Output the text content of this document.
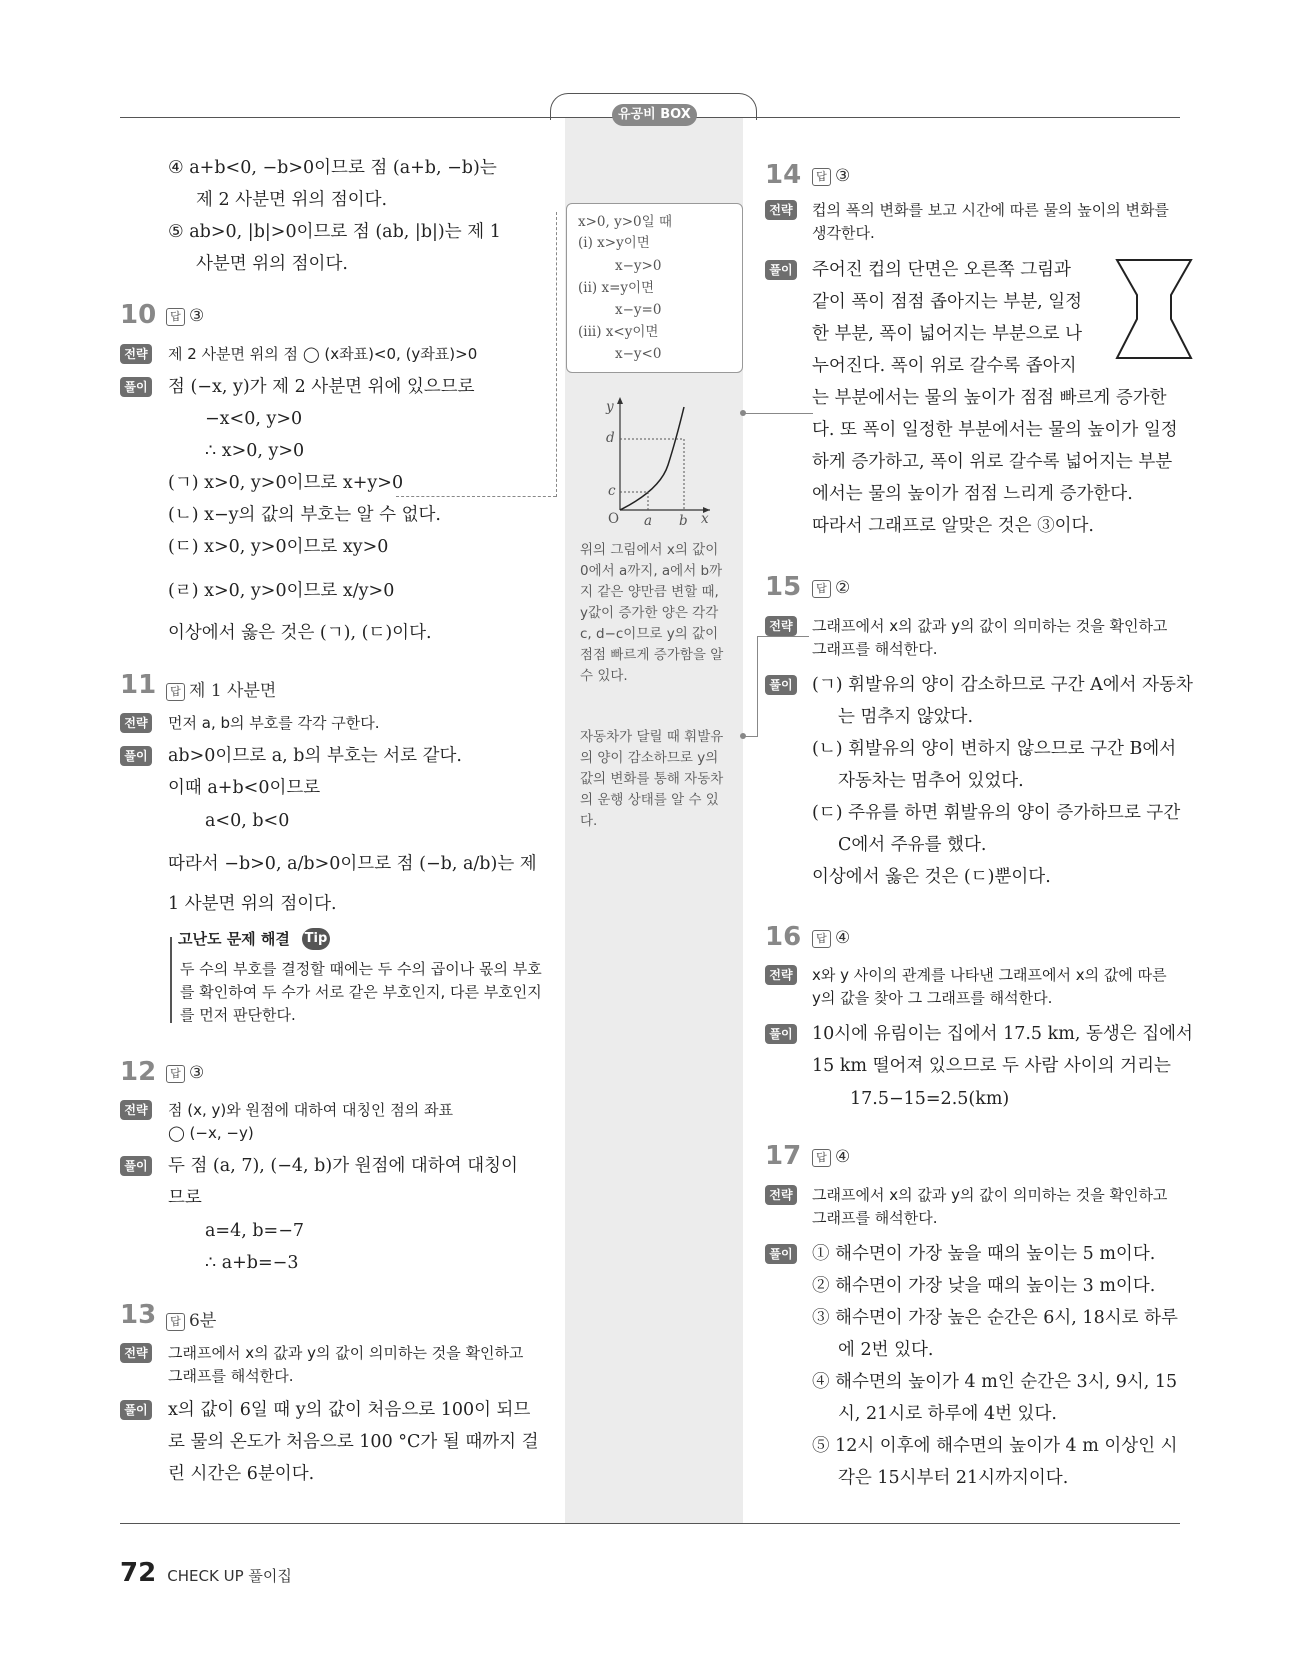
유공비 BOX
④ a+b<0, −b>0이므로 점 (a+b, −b)는
제 2 사분면 위의 점이다.
⑤ ab>0, |b|>0이므로 점 (ab, |b|)는 제 1
사분면 위의 점이다.
10	답 ③
전략 제 2 사분면 위의 점 ◯ (x좌표)<0, (y좌표)>0
풀이 점 (−x, y)가 제 2 사분면 위에 있으므로
−x<0, y>0
∴ x>0, y>0
(ㄱ) x>0, y>0이므로 x+y>0
(ㄴ) x−y의 값의 부호는 알 수 없다.
(ㄷ) x>0, y>0이므로 xy>0
(ㄹ) x>0, y>0이므로 x/y>0
이상에서 옳은 것은 (ㄱ), (ㄷ)이다.
11	답 제 1 사분면
전략 먼저 a, b의 부호를 각각 구한다.
풀이 ab>0이므로 a, b의 부호는 서로 같다.
이때 a+b<0이므로
a<0, b<0
따라서 −b>0, a/b>0이므로 점 (−b, a/b)는 제
1 사분면 위의 점이다.
고난도 문제 해결 Tip
두 수의 부호를 결정할 때에는 두 수의 곱이나 몫의 부호
를 확인하여 두 수가 서로 같은 부호인지, 다른 부호인지
를 먼저 판단한다.
12	답 ③
전략 점 (x, y)와 원점에 대하여 대칭인 점의 좌표
◯ (−x, −y)
풀이 두 점 (a, 7), (−4, b)가 원점에 대하여 대칭이
므로
a=4, b=−7
∴ a+b=−3
13	답 6분
전략 그래프에서 x의 값과 y의 값이 의미하는 것을 확인하고
그래프를 해석한다.
풀이 x의 값이 6일 때 y의 값이 처음으로 100이 되므
로 물의 온도가 처음으로 100 °C가 될 때까지 걸
린 시간은 6분이다.
x>0, y>0일 때
(i) x>y이면
x−y>0
(ii) x=y이면
x−y=0
(iii) x<y이면
x−y<0
y
d
c
O a b x
위의 그림에서 x의 값이
0에서 a까지, a에서 b까
지 같은 양만큼 변할 때,
y값이 증가한 양은 각각
c, d−c이므로 y의 값이
점점 빠르게 증가함을 알
수 있다.
자동차가 달릴 때 휘발유
의 양이 감소하므로 y의
값의 변화를 통해 자동차
의 운행 상태를 알 수 있
다.
14	답 ③
전략 컵의 폭의 변화를 보고 시간에 따른 물의 높이의 변화를
생각한다.
풀이 주어진 컵의 단면은 오른쪽 그림과
같이 폭이 점점 좁아지는 부분, 일정
한 부분, 폭이 넓어지는 부분으로 나
누어진다. 폭이 위로 갈수록 좁아지
는 부분에서는 물의 높이가 점점 빠르게 증가한
다. 또 폭이 일정한 부분에서는 물의 높이가 일정
하게 증가하고, 폭이 위로 갈수록 넓어지는 부분
에서는 물의 높이가 점점 느리게 증가한다.
따라서 그래프로 알맞은 것은 ③이다.
15	답 ②
전략 그래프에서 x의 값과 y의 값이 의미하는 것을 확인하고
그래프를 해석한다.
풀이 (ㄱ) 휘발유의 양이 감소하므로 구간 A에서 자동차
는 멈추지 않았다.
(ㄴ) 휘발유의 양이 변하지 않으므로 구간 B에서
자동차는 멈추어 있었다.
(ㄷ) 주유를 하면 휘발유의 양이 증가하므로 구간
C에서 주유를 했다.
이상에서 옳은 것은 (ㄷ)뿐이다.
16	답 ④
전략 x와 y 사이의 관계를 나타낸 그래프에서 x의 값에 따른
y의 값을 찾아 그 그래프를 해석한다.
풀이 10시에 유림이는 집에서 17.5 km, 동생은 집에서
15 km 떨어져 있으므로 두 사람 사이의 거리는
17.5−15=2.5(km)
17	답 ④
전략 그래프에서 x의 값과 y의 값이 의미하는 것을 확인하고
그래프를 해석한다.
풀이 ① 해수면이 가장 높을 때의 높이는 5 m이다.
② 해수면이 가장 낮을 때의 높이는 3 m이다.
③ 해수면이 가장 높은 순간은 6시, 18시로 하루
에 2번 있다.
④ 해수면의 높이가 4 m인 순간은 3시, 9시, 15
시, 21시로 하루에 4번 있다.
⑤ 12시 이후에 해수면의 높이가 4 m 이상인 시
각은 15시부터 21시까지이다.
72 CHECK UP 풀이집
